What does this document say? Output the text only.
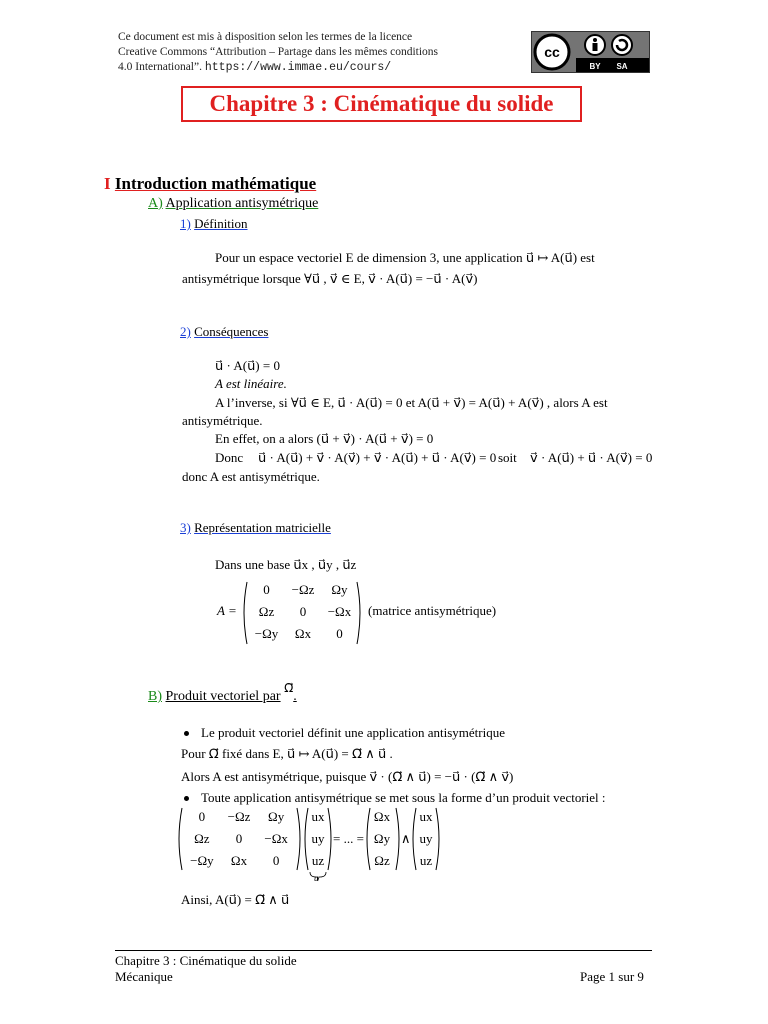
Ce document est mis à disposition selon les termes de la licence
Creative Commons “Attribution – Partage dans les mêmes conditions
4.0 International”. https://www.immae.eu/cours/
cc
BY SA
Chapitre 3 : Cinématique du solide
I Introduction mathématique
A) Application antisymétrique
1) Définition
Pour un espace vectoriel E de dimension 3, une application u⃗ ↦ A(u⃗) est
antisymétrique lorsque ∀u⃗ , v⃗ ∈ E, v⃗ · A(u⃗) = −u⃗ · A(v⃗)
2) Conséquences
u⃗ · A(u⃗) = 0
A est linéaire.
A l’inverse, si ∀u⃗ ∈ E, u⃗ · A(u⃗) = 0 et A(u⃗ + v⃗) = A(u⃗) + A(v⃗) , alors A est
antisymétrique.
En effet, on a alors (u⃗ + v⃗) · A(u⃗ + v⃗) = 0
Donc u⃗ · A(u⃗) + v⃗ · A(v⃗) + v⃗ · A(u⃗) + u⃗ · A(v⃗) = 0 soit v⃗ · A(u⃗) + u⃗ · A(v⃗) = 0
donc A est antisymétrique.
3) Représentation matricielle
Dans une base u⃗x , u⃗y , u⃗z
A =
0	−Ωz	Ωy
Ωz	0	−Ωx
−Ωy	Ωx	0
(matrice antisymétrique)
B) Produit vectoriel par Ω⃗.
Le produit vectoriel définit une application antisymétrique
Pour Ω⃗ fixé dans E, u⃗ ↦ A(u⃗) = Ω⃗ ∧ u⃗ .
Alors A est antisymétrique, puisque v⃗ · (Ω⃗ ∧ u⃗) = −u⃗ · (Ω⃗ ∧ v⃗)
Toute application antisymétrique se met sous la forme d’un produit vectoriel :
0	−Ωz	Ωy
Ωz	0	−Ωx
−Ωy	Ωx	0
ux
uy
uz
u⃗
= ... =
Ωx
Ωy
Ωz
∧
ux
uy
uz
Ainsi, A(u⃗) = Ω⃗ ∧ u⃗
Chapitre 3 : Cinématique du solide
Mécanique	Page 1 sur 9
